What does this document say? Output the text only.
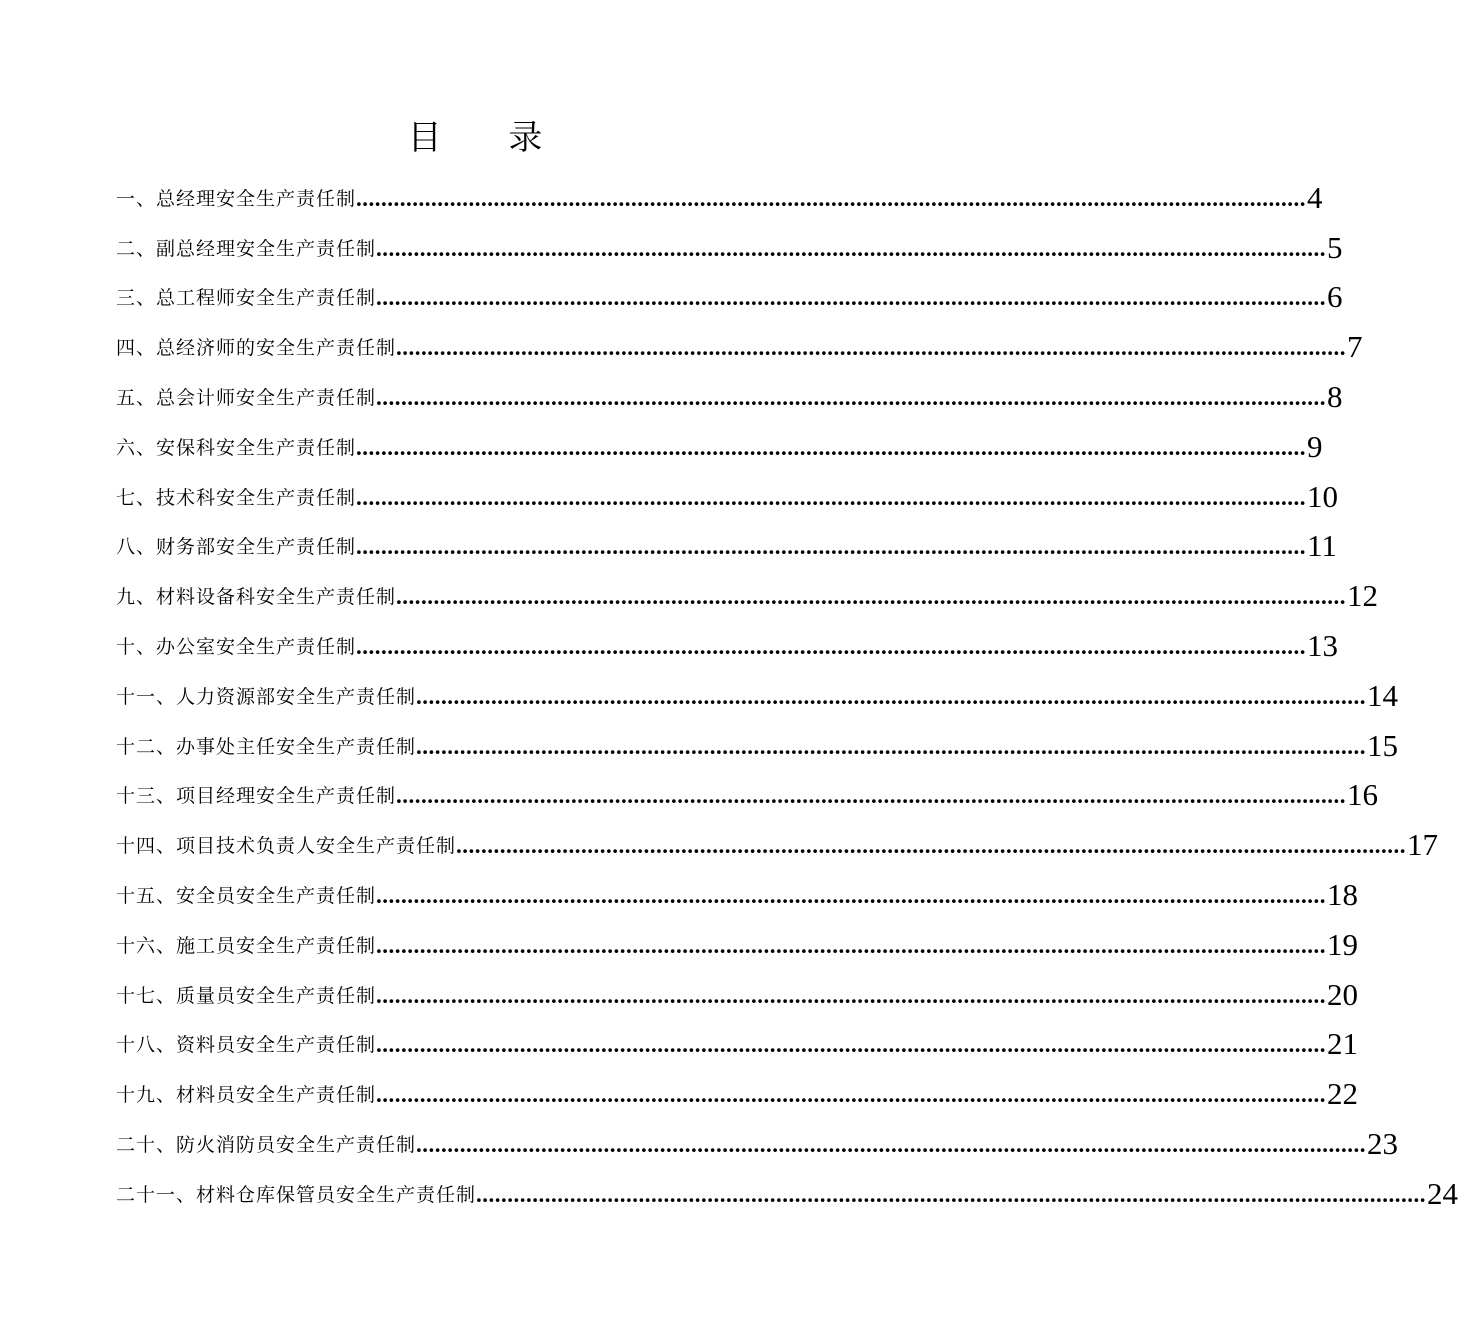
目 录
一、总经理安全生产责任制 ........................................................................................................................................................ 4
二、副总经理安全生产责任制 ........................................................................................................................................................ 5
三、总工程师安全生产责任制 ........................................................................................................................................................ 6
四、总经济师的安全生产责任制 ........................................................................................................................................................ 7
五、总会计师安全生产责任制 ........................................................................................................................................................ 8
六、安保科安全生产责任制 ........................................................................................................................................................ 9
七、技术科安全生产责任制 ........................................................................................................................................................ 10
八、财务部安全生产责任制 ........................................................................................................................................................ 11
九、材料设备科安全生产责任制 ........................................................................................................................................................ 12
十、办公室安全生产责任制 ........................................................................................................................................................ 13
十一、人力资源部安全生产责任制 ........................................................................................................................................................ 14
十二、办事处主任安全生产责任制 ........................................................................................................................................................ 15
十三、项目经理安全生产责任制 ........................................................................................................................................................ 16
十四、项目技术负责人安全生产责任制 ........................................................................................................................................................ 17
十五、安全员安全生产责任制 ........................................................................................................................................................ 18
十六、施工员安全生产责任制 ........................................................................................................................................................ 19
十七、质量员安全生产责任制 ........................................................................................................................................................ 20
十八、资料员安全生产责任制 ........................................................................................................................................................ 21
十九、材料员安全生产责任制 ........................................................................................................................................................ 22
二十、防火消防员安全生产责任制 ........................................................................................................................................................ 23
二十一、材料仓库保管员安全生产责任制 ........................................................................................................................................................ 24
